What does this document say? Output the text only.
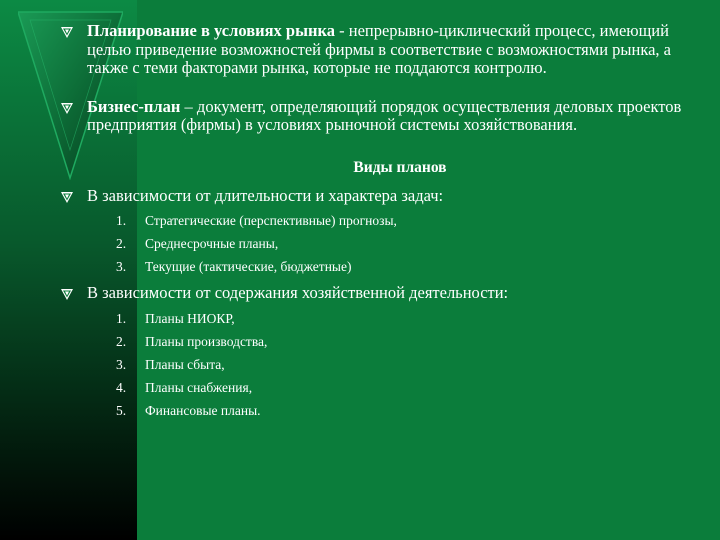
Планирование в условиях рынка - непрерывно-циклический процесс, имеющий целью приведение возможностей фирмы в соответствие с возможностями рынка, а также с теми факторами рынка, которые не поддаются контролю.
Бизнес-план – документ, определяющий порядок осуществления деловых проектов предприятия (фирмы) в условиях рыночной системы хозяйствования.
Виды планов
В зависимости от длительности и характера задач:
1. Стратегические (перспективные) прогнозы,
2. Среднесрочные планы,
3. Текущие (тактические, бюджетные)
В зависимости от содержания хозяйственной деятельности:
1. Планы НИОКР,
2. Планы производства,
3. Планы сбыта,
4. Планы снабжения,
5. Финансовые планы.
